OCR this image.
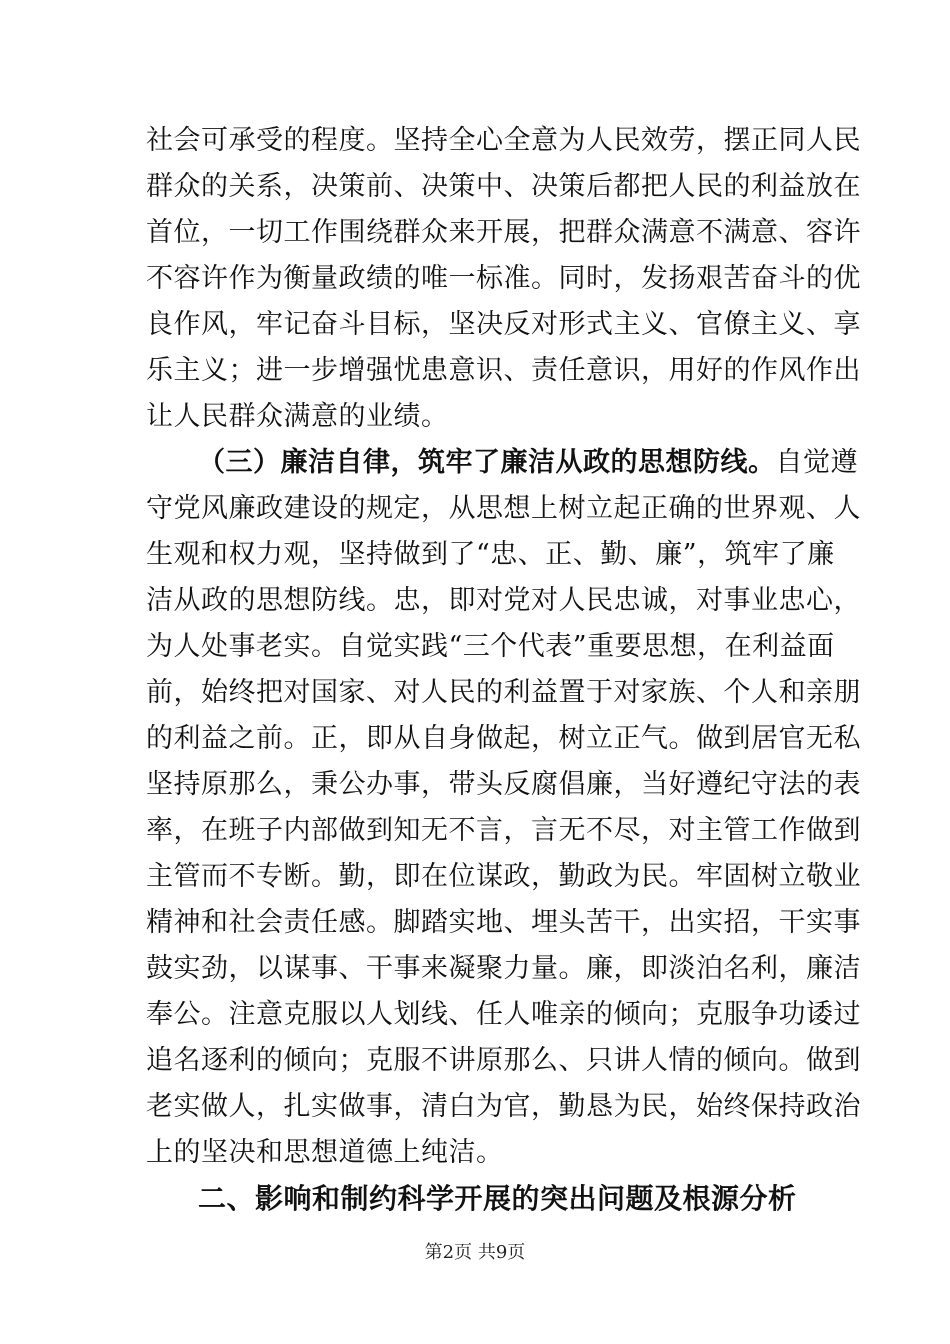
社会可承受的程度。坚持全心全意为人民效劳，摆正同人民
群众的关系，决策前、决策中、决策后都把人民的利益放在
首位，一切工作围绕群众来开展，把群众满意不满意、容许
不容许作为衡量政绩的唯一标准。同时，发扬艰苦奋斗的优
良作风，牢记奋斗目标，坚决反对形式主义、官僚主义、享
乐主义；进一步增强忧患意识、责任意识，用好的作风作出
让人民群众满意的业绩。
（三）廉洁自律，筑牢了廉洁从政的思想防线。自觉遵
守党风廉政建设的规定，从思想上树立起正确的世界观、人
生观和权力观，坚持做到了“忠、正、勤、廉”，筑牢了廉
洁从政的思想防线。忠，即对党对人民忠诚，对事业忠心，
为人处事老实。自觉实践“三个代表”重要思想，在利益面
前，始终把对国家、对人民的利益置于对家族、个人和亲朋
的利益之前。正，即从自身做起，树立正气。做到居官无私
坚持原那么，秉公办事，带头反腐倡廉，当好遵纪守法的表
率，在班子内部做到知无不言，言无不尽，对主管工作做到
主管而不专断。勤，即在位谋政，勤政为民。牢固树立敬业
精神和社会责任感。脚踏实地、埋头苦干，出实招，干实事
鼓实劲，以谋事、干事来凝聚力量。廉，即淡泊名利，廉洁
奉公。注意克服以人划线、任人唯亲的倾向；克服争功诿过
追名逐利的倾向；克服不讲原那么、只讲人情的倾向。做到
老实做人，扎实做事，清白为官，勤恳为民，始终保持政治
上的坚决和思想道德上纯洁。
二、影响和制约科学开展的突出问题及根源分析
第2页 共9页
